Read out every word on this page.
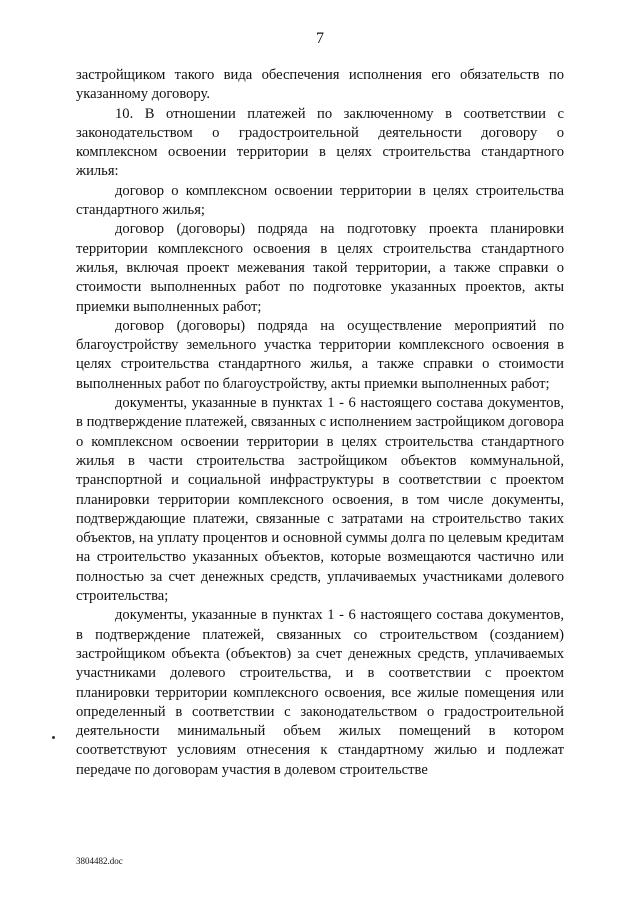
7

застройщиком такого вида обеспечения исполнения его обязательств по указанному договору.

10. В отношении платежей по заключенному в соответствии с законодательством о градостроительной деятельности договору о комплексном освоении территории в целях строительства стандартного жилья:

договор о комплексном освоении территории в целях строительства стандартного жилья;

договор (договоры) подряда на подготовку проекта планировки территории комплексного освоения в целях строительства стандартного жилья, включая проект межевания такой территории, а также справки о стоимости выполненных работ по подготовке указанных проектов, акты приемки выполненных работ;

договор (договоры) подряда на осуществление мероприятий по благоустройству земельного участка территории комплексного освоения в целях строительства стандартного жилья, а также справки о стоимости выполненных работ по благоустройству, акты приемки выполненных работ;

документы, указанные в пунктах 1 - 6 настоящего состава документов, в подтверждение платежей, связанных с исполнением застройщиком договора о комплексном освоении территории в целях строительства стандартного жилья в части строительства застройщиком объектов коммунальной, транспортной и социальной инфраструктуры в соответствии с проектом планировки территории комплексного освоения, в том числе документы, подтверждающие платежи, связанные с затратами на строительство таких объектов, на уплату процентов и основной суммы долга по целевым кредитам на строительство указанных объектов, которые возмещаются частично или полностью за счет денежных средств, уплачиваемых участниками долевого строительства;

документы, указанные в пунктах 1 - 6 настоящего состава документов, в подтверждение платежей, связанных со строительством (созданием) застройщиком объекта (объектов) за счет денежных средств, уплачиваемых участниками долевого строительства, и в соответствии с проектом планировки территории комплексного освоения, все жилые помещения или определенный в соответствии с законодательством о градостроительной деятельности минимальный объем жилых помещений в котором соответствуют условиям отнесения к стандартному жилью и подлежат передаче по договорам участия в долевом строительстве

3804482.doc
